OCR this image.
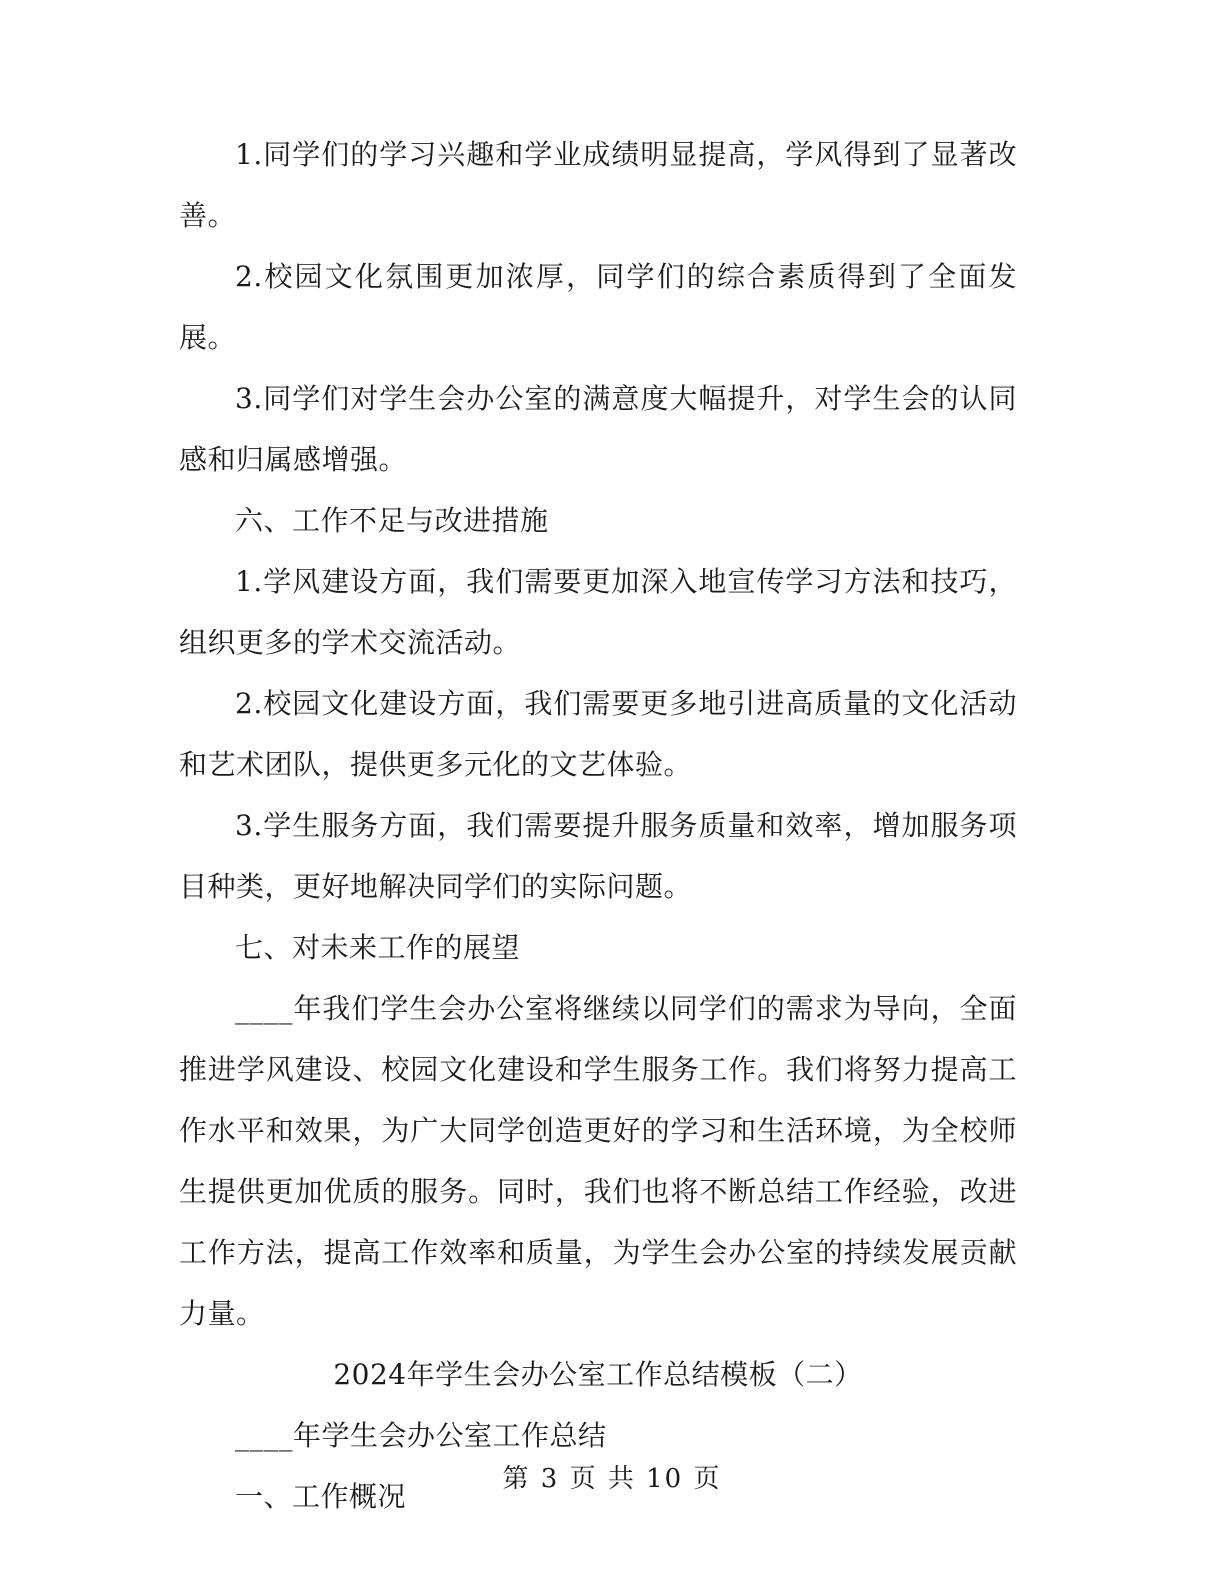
1.同学们的学习兴趣和学业成绩明显提高，学风得到了显著改善。

2.校园文化氛围更加浓厚，同学们的综合素质得到了全面发展。

3.同学们对学生会办公室的满意度大幅提升，对学生会的认同感和归属感增强。

六、工作不足与改进措施

1.学风建设方面，我们需要更加深入地宣传学习方法和技巧，组织更多的学术交流活动。

2.校园文化建设方面，我们需要更多地引进高质量的文化活动和艺术团队，提供更多元化的文艺体验。

3.学生服务方面，我们需要提升服务质量和效率，增加服务项目种类，更好地解决同学们的实际问题。

七、对未来工作的展望

____年我们学生会办公室将继续以同学们的需求为导向，全面推进学风建设、校园文化建设和学生服务工作。我们将努力提高工作水平和效果，为广大同学创造更好的学习和生活环境，为全校师生提供更加优质的服务。同时，我们也将不断总结工作经验，改进工作方法，提高工作效率和质量，为学生会办公室的持续发展贡献力量。

2024年学生会办公室工作总结模板（二）

____年学生会办公室工作总结

一、工作概况

第 3 页 共 10 页
